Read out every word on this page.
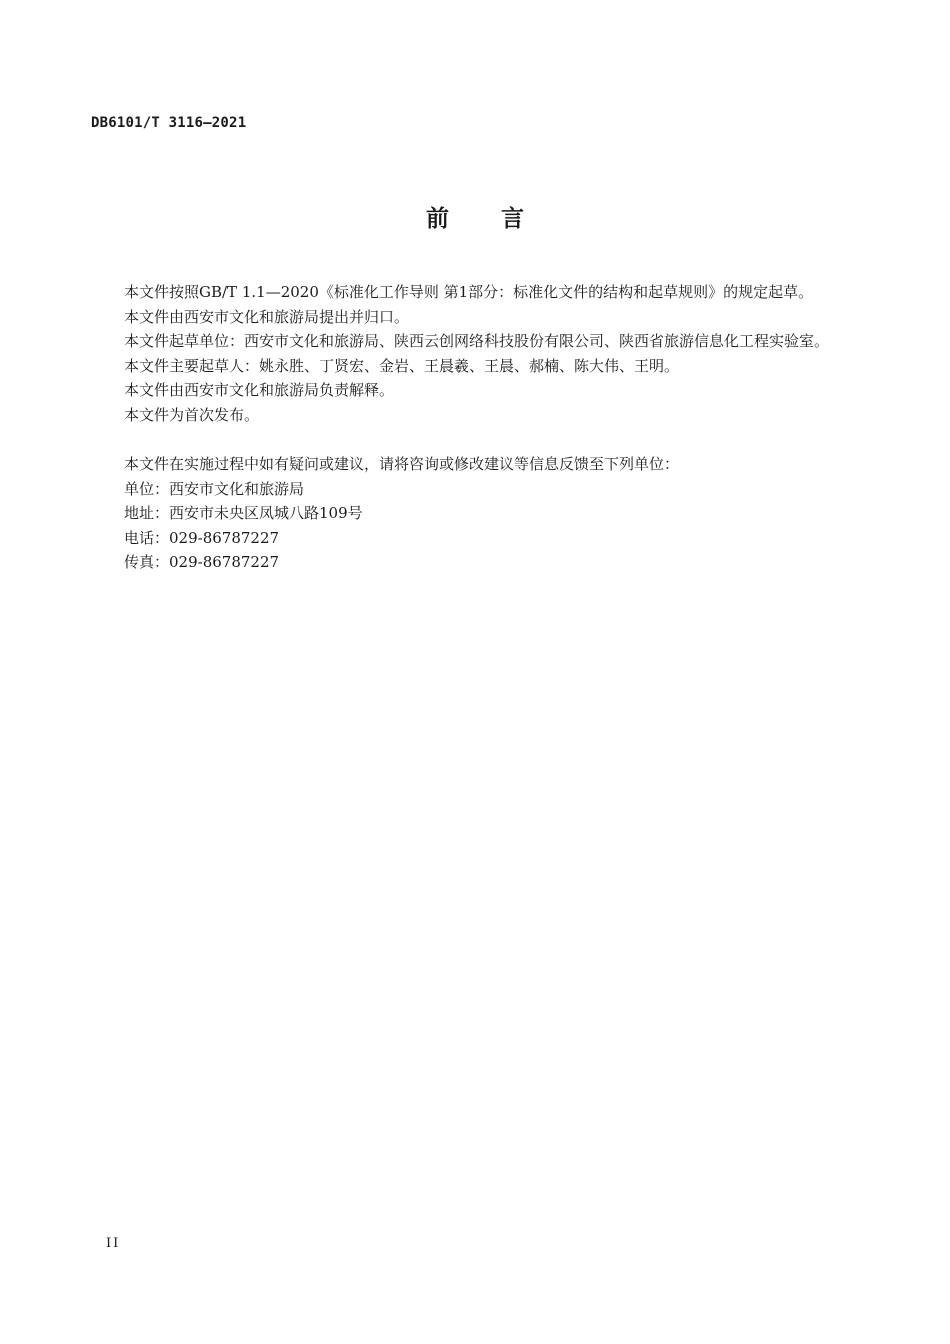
DB6101/T 3116—2021
前言

本文件按照GB/T 1.1—2020《标准化工作导则 第1部分：标准化文件的结构和起草规则》的规定起草。

本文件由西安市文化和旅游局提出并归口。

本文件起草单位：西安市文化和旅游局、陕西云创网络科技股份有限公司、陕西省旅游信息化工程实验室。

本文件主要起草人：姚永胜、丁贤宏、金岩、王晨羲、王晨、郝楠、陈大伟、王明。

本文件由西安市文化和旅游局负责解释。

本文件为首次发布。

本文件在实施过程中如有疑问或建议，请将咨询或修改建议等信息反馈至下列单位：

单位：西安市文化和旅游局

地址：西安市未央区凤城八路109号

电话：029-86787227

传真：029-86787227

II
